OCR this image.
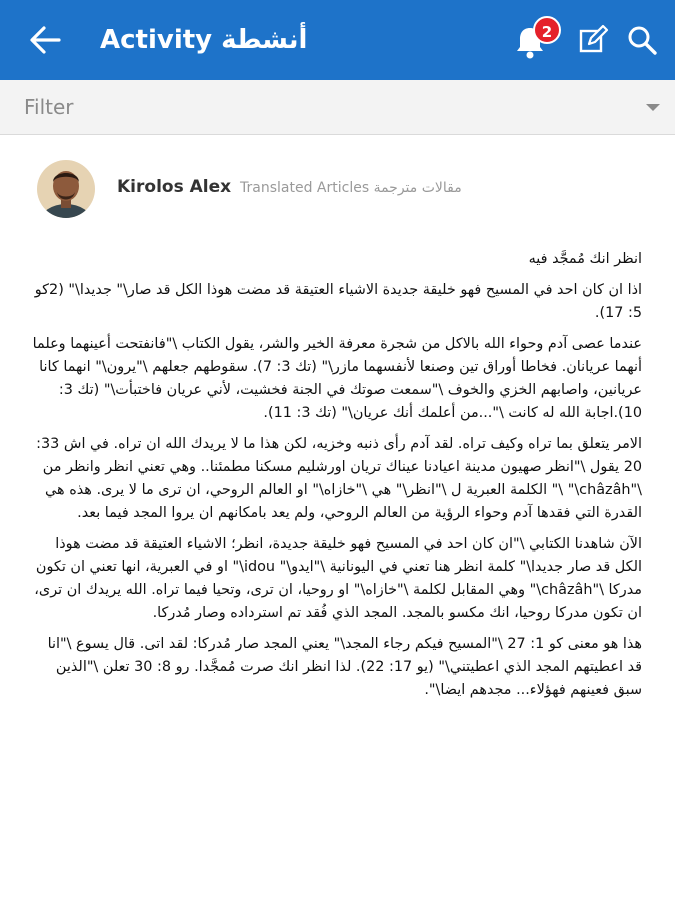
Activity أنشطة	2
Filter
Kirolos Alex Translated Articles مقالات مترجمة

انظر انك مُمجَّد فيه

اذا ان كان احد في المسيح فهو خليقة جديدة الاشياء العتيقة قد مضت هوذا الكل قد صار\" جديدا\" (2كو 5: 17).

عندما عصى آدم وحواء الله بالاكل من شجرة معرفة الخير والشر، يقول الكتاب \"فانفتحت أعينهما وعلما أنهما عريانان. فخاطا أوراق تين وصنعا لأنفسهما مازر\" (تك 3: 7). سقوطهم جعلهم \"يرون\" انهما كانا عريانين، واصابهم الخزي والخوف \"سمعت صوتك في الجنة فخشيت، لأني عريان فاختبأت\" (تك 3: 10).اجابة الله له كانت \"...من أعلمك أنك عريان\" (تك 3: 11).

الامر يتعلق بما تراه وكيف تراه. لقد آدم رأى ذنبه وخزيه، لكن هذا ما لا يريدك الله ان تراه. في اش 33: 20 يقول \"انظر صهيون مدينة اعيادنا عيناك تريان اورشليم مسكنا مطمئنا.. وهي تعني انظر وانظر من \"châzâh\" \" الكلمة العبرية ل \"انظر\" هي \"خازاه\" او العالم الروحي، ان ترى ما لا يرى. هذه هي القدرة التي فقدها آدم وحواء الرؤية من العالم الروحي، ولم يعد بامكانهم ان يروا المجد فيما بعد.

الآن شاهدنا الكتابي \"ان كان احد في المسيح فهو خليقة جديدة، انظر؛ الاشياء العتيقة قد مضت هوذا الكل قد صار جديدا\" كلمة انظر هنا تعني في اليونانية \"ايدو\" idou\" او في العبرية، انها تعني ان تكون مدركا \"châzâh\" وهي المقابل لكلمة \"خازاه\" او روحيا، ان ترى، وتحيا فيما تراه. الله يريدك ان ترى، ان تكون مدركا روحيا، انك مكسو بالمجد. المجد الذي فُقد تم استرداده وصار مُدركا.

هذا هو معنى كو 1: 27 \"المسيح فيكم رجاء المجد\" يعني المجد صار مُدركا: لقد اتى. قال يسوع \"انا قد اعطيتهم المجد الذي اعطيتني\" (يو 17: 22). لذا انظر انك صرت مُمجَّدا. رو 8: 30 تعلن \"الذين سبق فعينهم فهؤلاء... مجدهم ايضا\".
